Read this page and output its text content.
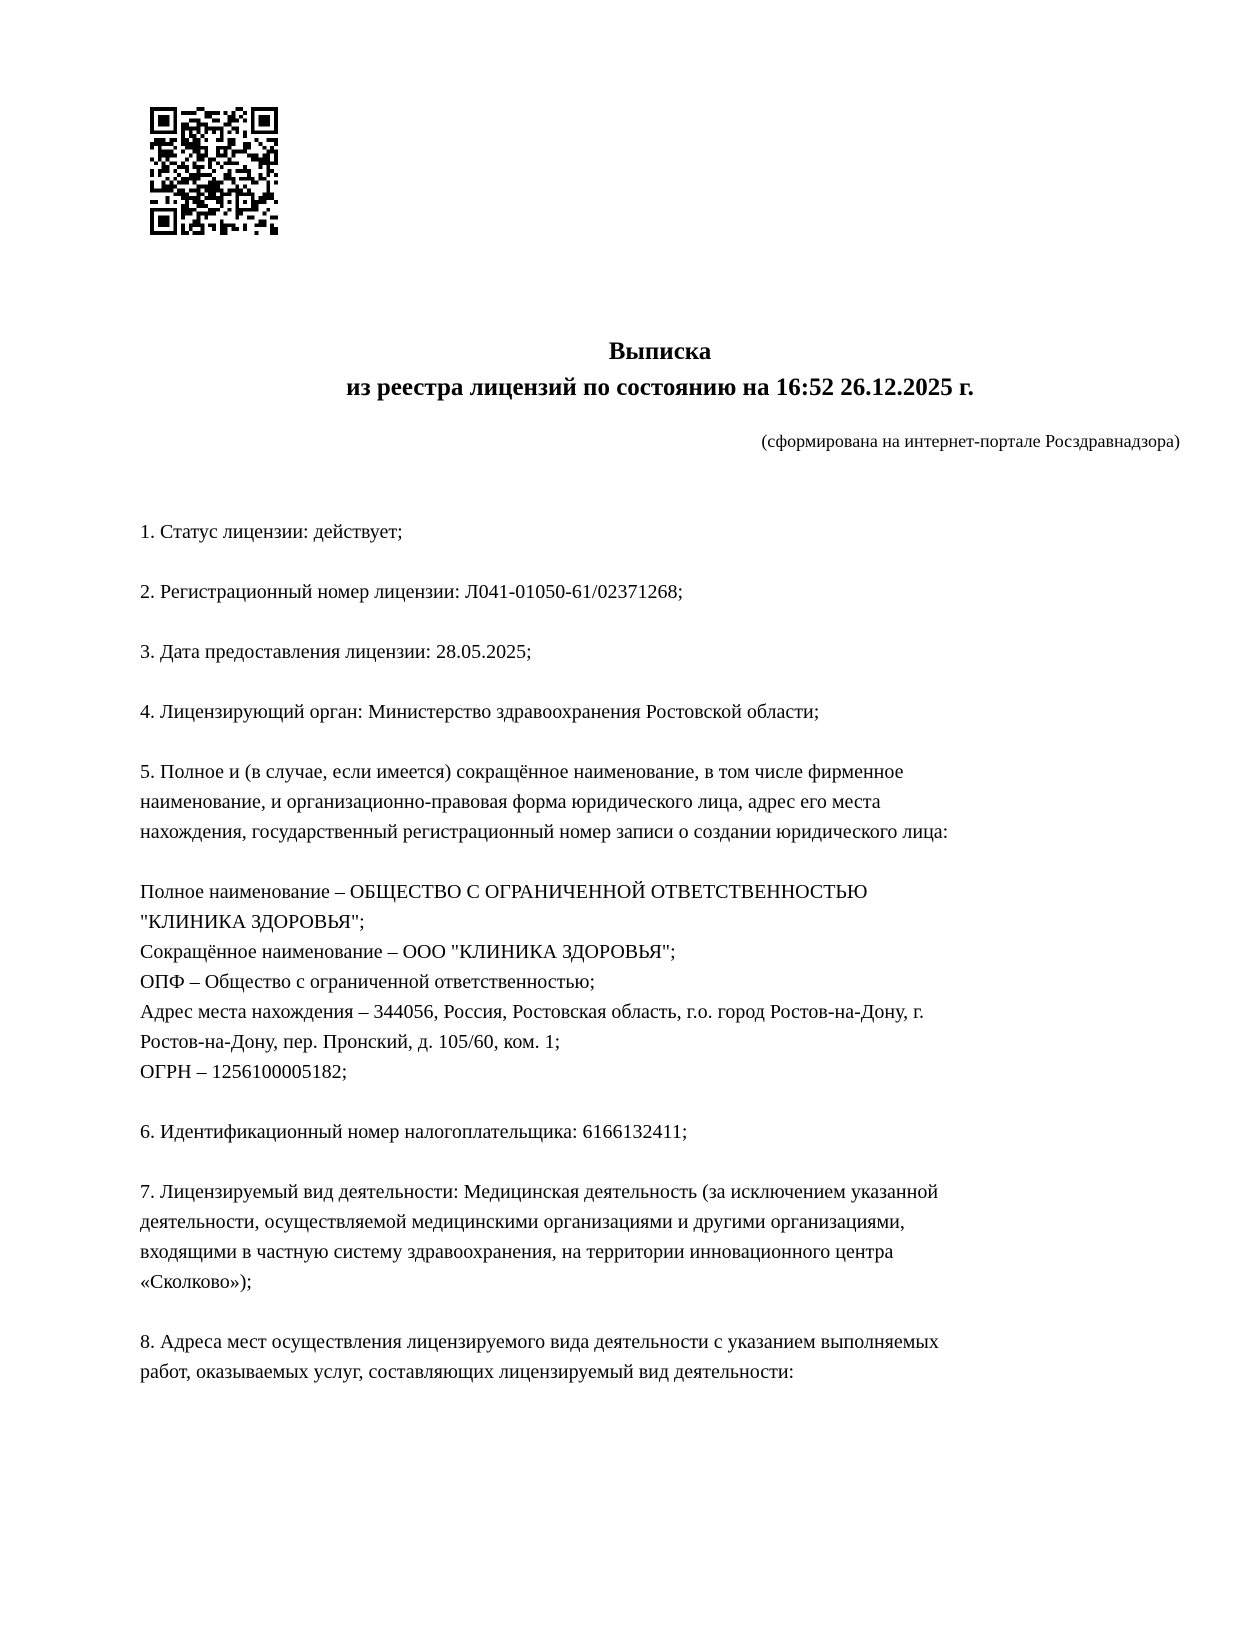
Выписка
из реестра лицензий по состоянию на 16:52 26.12.2025 г.
(сформирована на интернет-портале Росздравнадзора)
1. Статус лицензии: действует;
2. Регистрационный номер лицензии: Л041-01050-61/02371268;
3. Дата предоставления лицензии: 28.05.2025;
4. Лицензирующий орган: Министерство здравоохранения Ростовской области;
5. Полное и (в случае, если имеется) сокращённое наименование, в том числе фирменное
наименование, и организационно-правовая форма юридического лица, адрес его места
нахождения, государственный регистрационный номер записи о создании юридического лица:
Полное наименование – ОБЩЕСТВО С ОГРАНИЧЕННОЙ ОТВЕТСТВЕННОСТЬЮ
"КЛИНИКА ЗДОРОВЬЯ";
Сокращённое наименование – ООО "КЛИНИКА ЗДОРОВЬЯ";
ОПФ – Общество с ограниченной ответственностью;
Адрес места нахождения – 344056, Россия, Ростовская область, г.о. город Ростов-на-Дону, г.
Ростов-на-Дону, пер. Пронский, д. 105/60, ком. 1;
ОГРН – 1256100005182;
6. Идентификационный номер налогоплательщика: 6166132411;
7. Лицензируемый вид деятельности: Медицинская деятельность (за исключением указанной
деятельности, осуществляемой медицинскими организациями и другими организациями,
входящими в частную систему здравоохранения, на территории инновационного центра
«Сколково»);
8. Адреса мест осуществления лицензируемого вида деятельности с указанием выполняемых
работ, оказываемых услуг, составляющих лицензируемый вид деятельности:
